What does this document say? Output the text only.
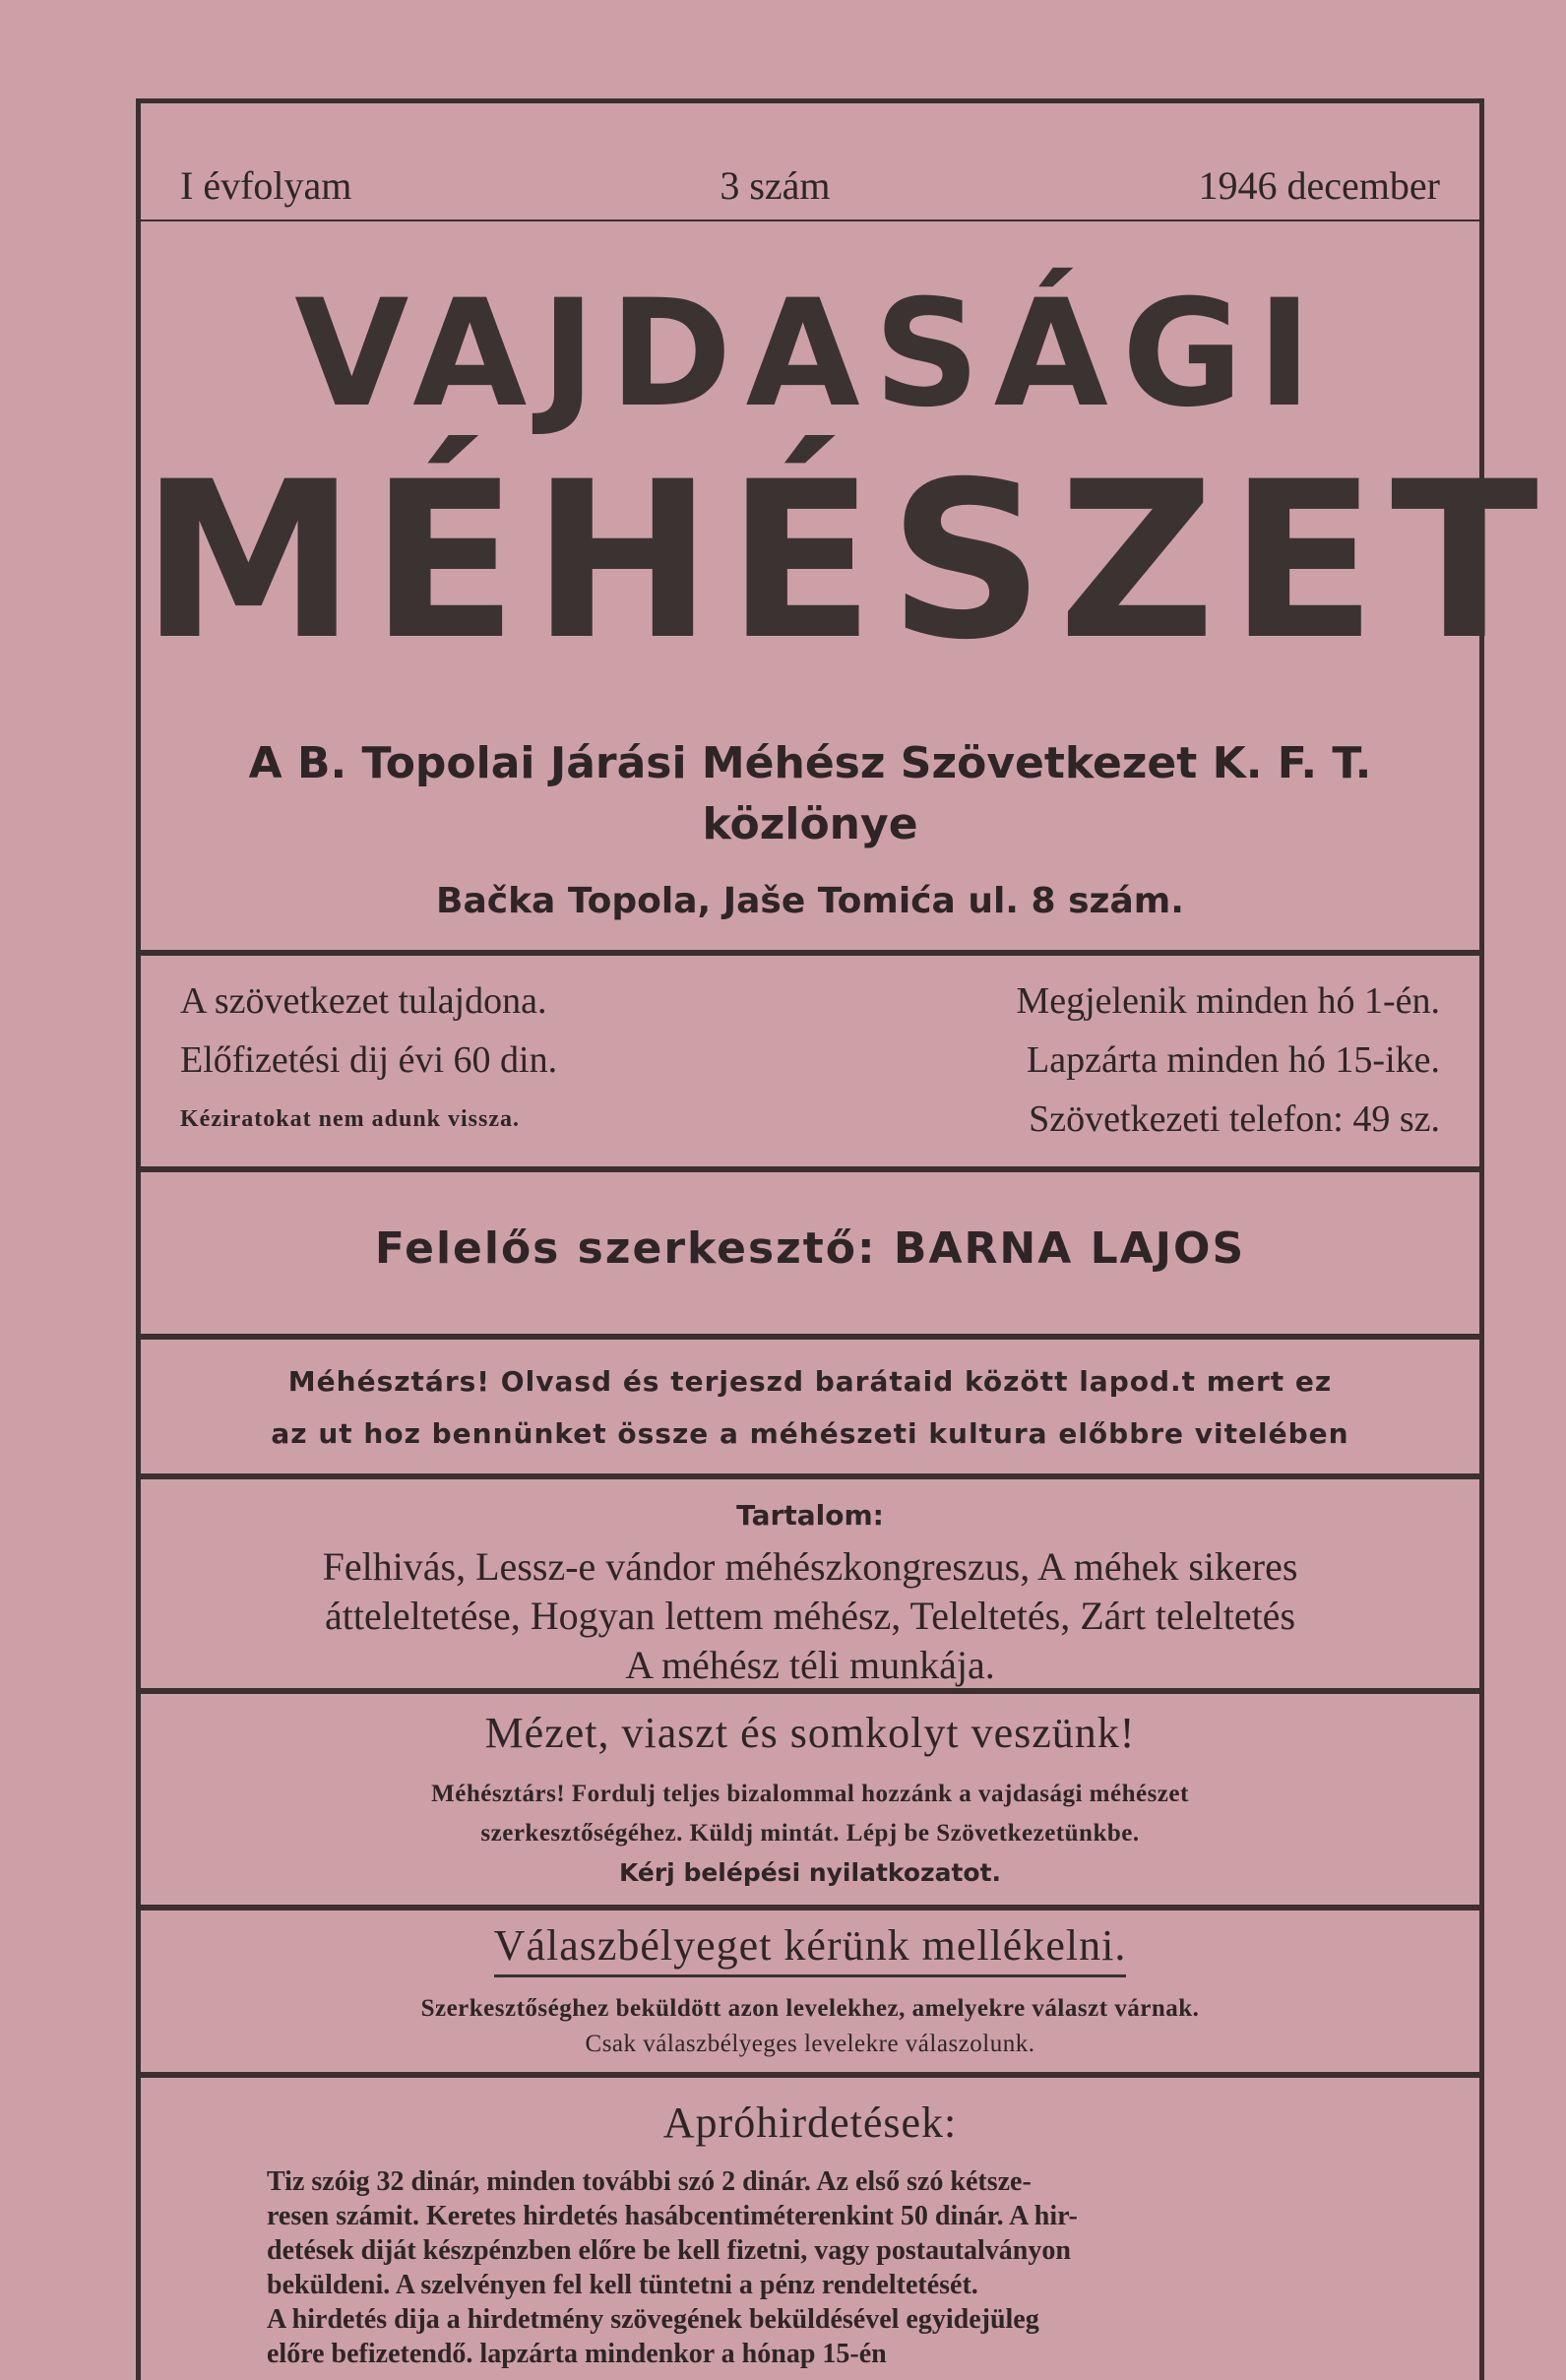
I évfolyam	3 szám	1946 december
VAJDASÁGI
MÉHÉSZET
A B. Topolai Járási Méhész Szövetkezet K. F. T.
közlönye
Bačka Topola, Jaše Tomića ul. 8 szám.
A szövetkezet tulajdona.	Megjelenik minden hó 1-én.
Előfizetési dij évi 60 din.	Lapzárta minden hó 15-ike.
Kéziratokat nem adunk vissza.	Szövetkezeti telefon: 49 sz.
Felelős szerkesztő: BARNA LAJOS
Méhésztárs! Olvasd és terjeszd barátaid között lapod.t mert ez
az ut hoz bennünket össze a méhészeti kultura előbbre vitelében
Tartalom:
Felhivás, Lessz-e vándor méhészkongreszus, A méhek sikeres
átteleltetése, Hogyan lettem méhész, Teleltetés, Zárt teleltetés
A méhész téli munkája.
Mézet, viaszt és somkolyt veszünk!
Méhésztárs! Fordulj teljes bizalommal hozzánk a vajdasági méhészet
szerkesztőségéhez. Küldj mintát. Lépj be Szövetkezetünkbe.
Kérj belépési nyilatkozatot.
Válaszbélyeget kérünk mellékelni.
Szerkesztőséghez beküldött azon levelekhez, amelyekre választ várnak.
Csak válaszbélyeges levelekre válaszolunk.
Apróhirdetések:
Tiz szóig 32 dinár, minden további szó 2 dinár. Az első szó kétsze-
resen számit. Keretes hirdetés hasábcentiméterenkint 50 dinár. A hir-
detések diját készpénzben előre be kell fizetni, vagy postautalványon
beküldeni. A szelvényen fel kell tüntetni a pénz rendeltetését.
A hirdetés dija a hirdetmény szövegének beküldésével egyidejüleg
előre befizetendő. lapzárta mindenkor a hónap 15-én
